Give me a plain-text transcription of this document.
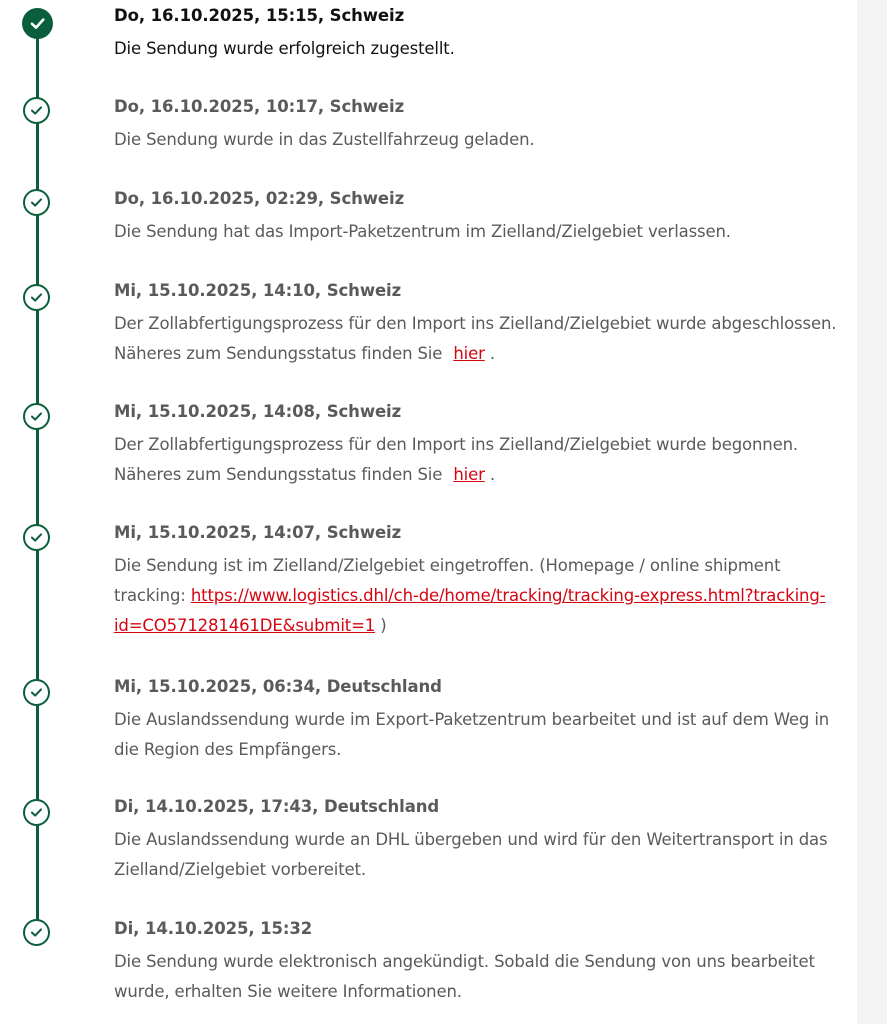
Do, 16.10.2025, 15:15, Schweiz
Die Sendung wurde erfolgreich zugestellt.
Do, 16.10.2025, 10:17, Schweiz
Die Sendung wurde in das Zustellfahrzeug geladen.
Do, 16.10.2025, 02:29, Schweiz
Die Sendung hat das Import-Paketzentrum im Zielland/Zielgebiet verlassen.
Mi, 15.10.2025, 14:10, Schweiz
Der Zollabfertigungsprozess für den Import ins Zielland/Zielgebiet wurde abgeschlossen. Näheres zum Sendungsstatus finden Sie hier .
Mi, 15.10.2025, 14:08, Schweiz
Der Zollabfertigungsprozess für den Import ins Zielland/Zielgebiet wurde begonnen. Näheres zum Sendungsstatus finden Sie hier .
Mi, 15.10.2025, 14:07, Schweiz
Die Sendung ist im Zielland/Zielgebiet eingetroffen. (Homepage / online shipment tracking: https://www.logistics.dhl/ch-de/home/tracking/tracking-express.html?tracking-id=CO571281461DE&submit=1 )
Mi, 15.10.2025, 06:34, Deutschland
Die Auslandssendung wurde im Export-Paketzentrum bearbeitet und ist auf dem Weg in die Region des Empfängers.
Di, 14.10.2025, 17:43, Deutschland
Die Auslandssendung wurde an DHL übergeben und wird für den Weitertransport in das Zielland/Zielgebiet vorbereitet.
Di, 14.10.2025, 15:32
Die Sendung wurde elektronisch angekündigt. Sobald die Sendung von uns bearbeitet wurde, erhalten Sie weitere Informationen.
